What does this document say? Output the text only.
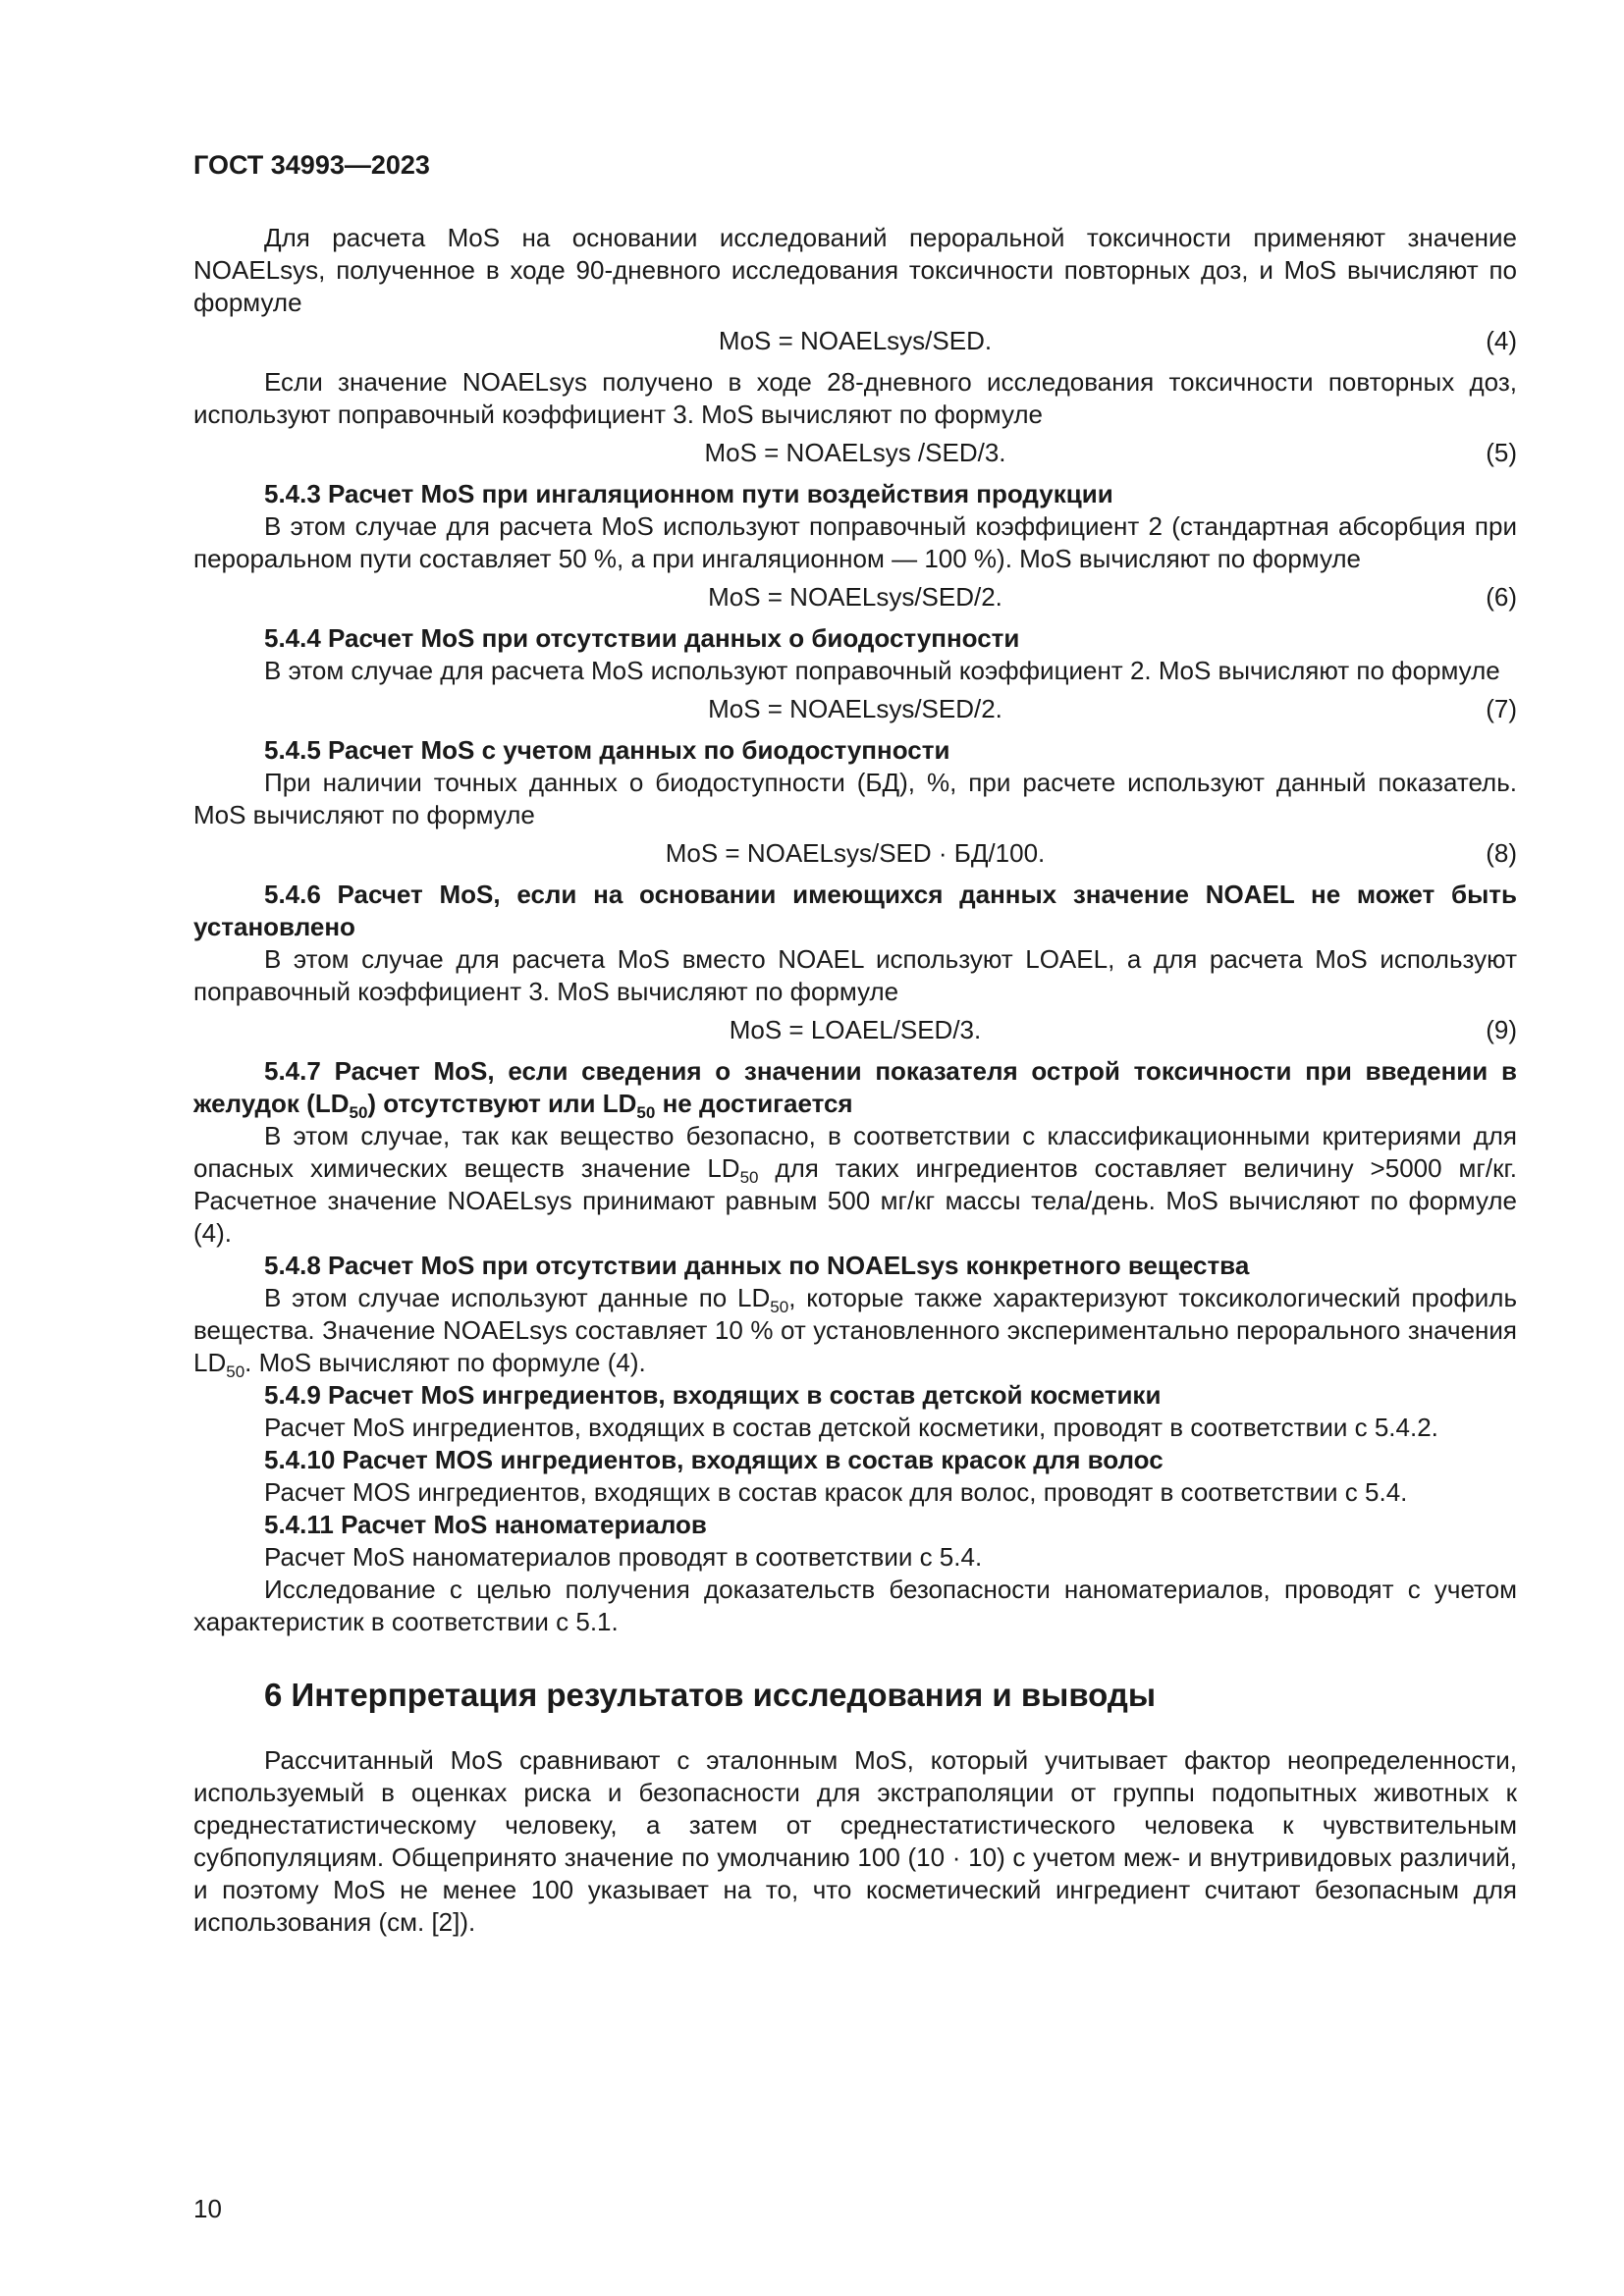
ГОСТ 34993—2023

Для расчета MoS на основании исследований пероральной токсичности применяют значение NOAELsys, полученное в ходе 90-дневного исследования токсичности повторных доз, и MoS вычисляют по формуле

MoS = NOAELsys/SED.	(4)

Если значение NOAELsys получено в ходе 28-дневного исследования токсичности повторных доз, используют поправочный коэффициент 3. MoS вычисляют по формуле

MoS = NOAELsys /SED/3.	(5)

5.4.3 Расчет MoS при ингаляционном пути воздействия продукции

В этом случае для расчета MoS используют поправочный коэффициент 2 (стандартная абсорбция при пероральном пути составляет 50 %, а при ингаляционном — 100 %). MoS вычисляют по формуле

MoS = NOAELsys/SED/2.	(6)

5.4.4 Расчет MoS при отсутствии данных о биодоступности

В этом случае для расчета MoS используют поправочный коэффициент 2. MoS вычисляют по формуле

MoS = NOAELsys/SED/2.	(7)

5.4.5 Расчет MoS с учетом данных по биодоступности

При наличии точных данных о биодоступности (БД), %, при расчете используют данный показатель. MoS вычисляют по формуле

MoS = NOAELsys/SED · БД/100.	(8)

5.4.6 Расчет MoS, если на основании имеющихся данных значение NOAEL не может быть установлено

В этом случае для расчета MoS вместо NOAEL используют LOAEL, а для расчета MoS используют поправочный коэффициент 3. MoS вычисляют по формуле

MoS = LOAEL/SED/3.	(9)

5.4.7 Расчет MoS, если сведения о значении показателя острой токсичности при введении в желудок $(LD_{50})$ отсутствуют или $LD_{50}$ не достигается

В этом случае, так как вещество безопасно, в соответствии с классификационными критериями для опасных химических веществ значение $LD_{50}$ для таких ингредиентов составляет величину >5000 мг/кг. Расчетное значение NOAELsys принимают равным 500 мг/кг массы тела/день. MoS вычисляют по формуле (4).

5.4.8 Расчет MoS при отсутствии данных по NOAELsys конкретного вещества

В этом случае используют данные по $LD_{50}$, которые также характеризуют токсикологический профиль вещества. Значение NOAELsys составляет 10 % от установленного экспериментально перорального значения $LD_{50}$. MoS вычисляют по формуле (4).

5.4.9 Расчет MoS ингредиентов, входящих в состав детской косметики

Расчет MoS ингредиентов, входящих в состав детской косметики, проводят в соответствии с 5.4.2.

5.4.10 Расчет MOS ингредиентов, входящих в состав красок для волос

Расчет MOS ингредиентов, входящих в состав красок для волос, проводят в соответствии с 5.4.

5.4.11 Расчет MoS наноматериалов

Расчет MoS наноматериалов проводят в соответствии с 5.4.

Исследование с целью получения доказательств безопасности наноматериалов, проводят с учетом характеристик в соответствии с 5.1.

6 Интерпретация результатов исследования и выводы

Рассчитанный MoS сравнивают с эталонным MoS, который учитывает фактор неопределенности, используемый в оценках риска и безопасности для экстраполяции от группы подопытных животных к среднестатистическому человеку, а затем от среднестатистического человека к чувствительным субпопуляциям. Общепринято значение по умолчанию 100 (10 · 10) с учетом меж- и внутривидовых различий, и поэтому MoS не менее 100 указывает на то, что косметический ингредиент считают безопасным для использования (см. [2]).

10
